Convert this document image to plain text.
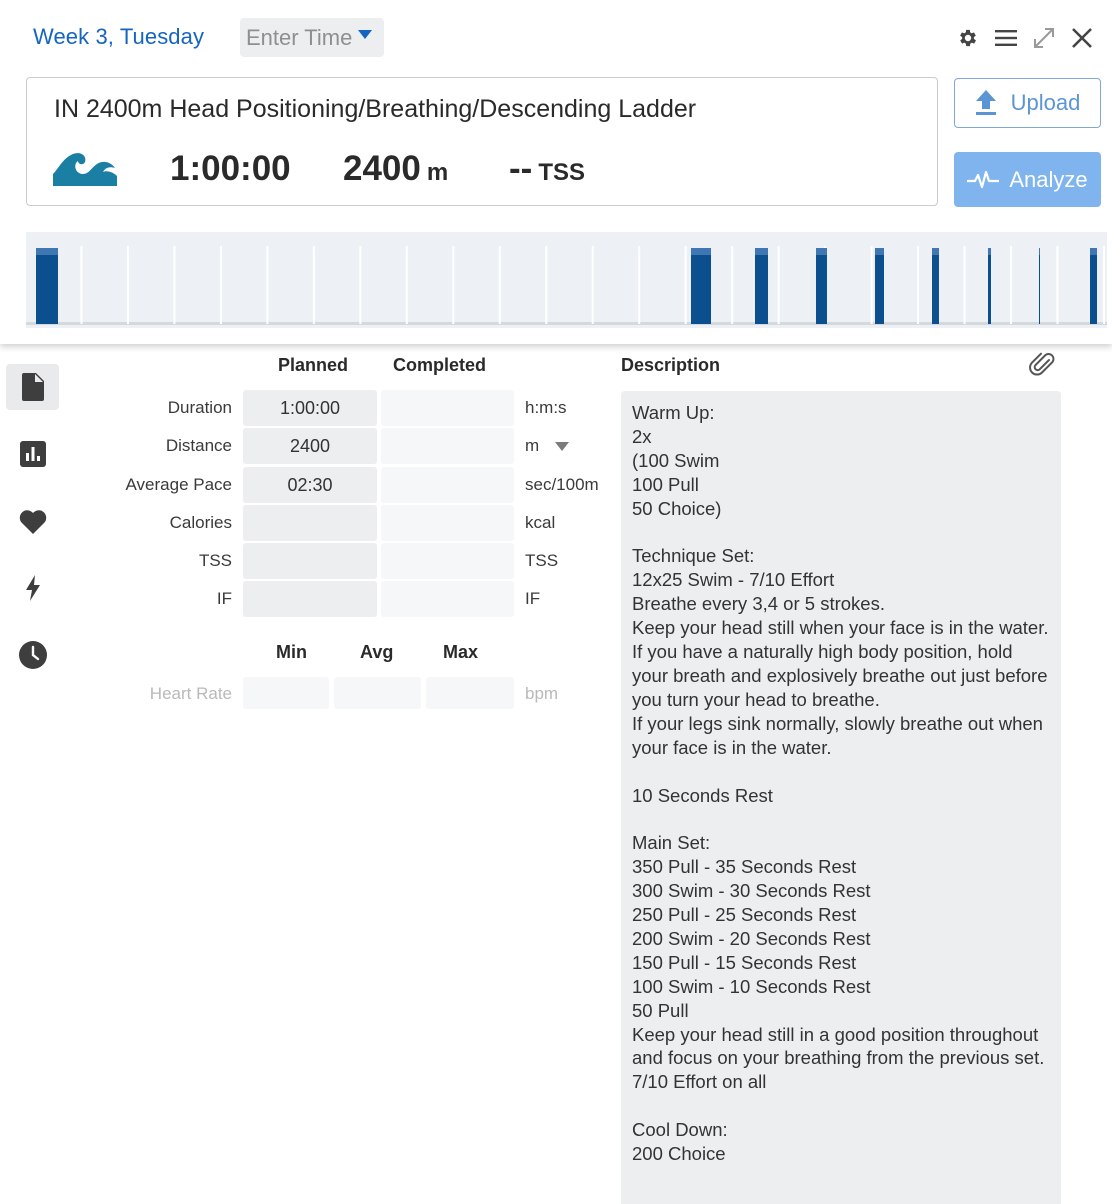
Week 3, Tuesday Enter Time
IN 2400m Head Positioning/Breathing/Descending Ladder
1:00:00 2400 m -- TSS
Upload
Analyze
Planned Completed
Duration	1:00:00	h:m:s
Distance	2400	m
Average Pace	02:30	sec/100m
Calories	kcal
TSS	TSS
IF	IF
Min	Avg	Max
Heart Rate	bpm
Description
Warm Up:
2x
(100 Swim
100 Pull
50 Choice)

Technique Set:
12x25 Swim - 7/10 Effort
Breathe every 3,4 or 5 strokes.
Keep your head still when your face is in the water.
If you have a naturally high body position, hold your breath and explosively breathe out just before you turn your head to breathe.
If your legs sink normally, slowly breathe out when your face is in the water.

10 Seconds Rest

Main Set:
350 Pull - 35 Seconds Rest
300 Swim - 30 Seconds Rest
250 Pull - 25 Seconds Rest
200 Swim - 20 Seconds Rest
150 Pull - 15 Seconds Rest
100 Swim - 10 Seconds Rest
50 Pull
Keep your head still in a good position throughout and focus on your breathing from the previous set.
7/10 Effort on all

Cool Down:
200 Choice
